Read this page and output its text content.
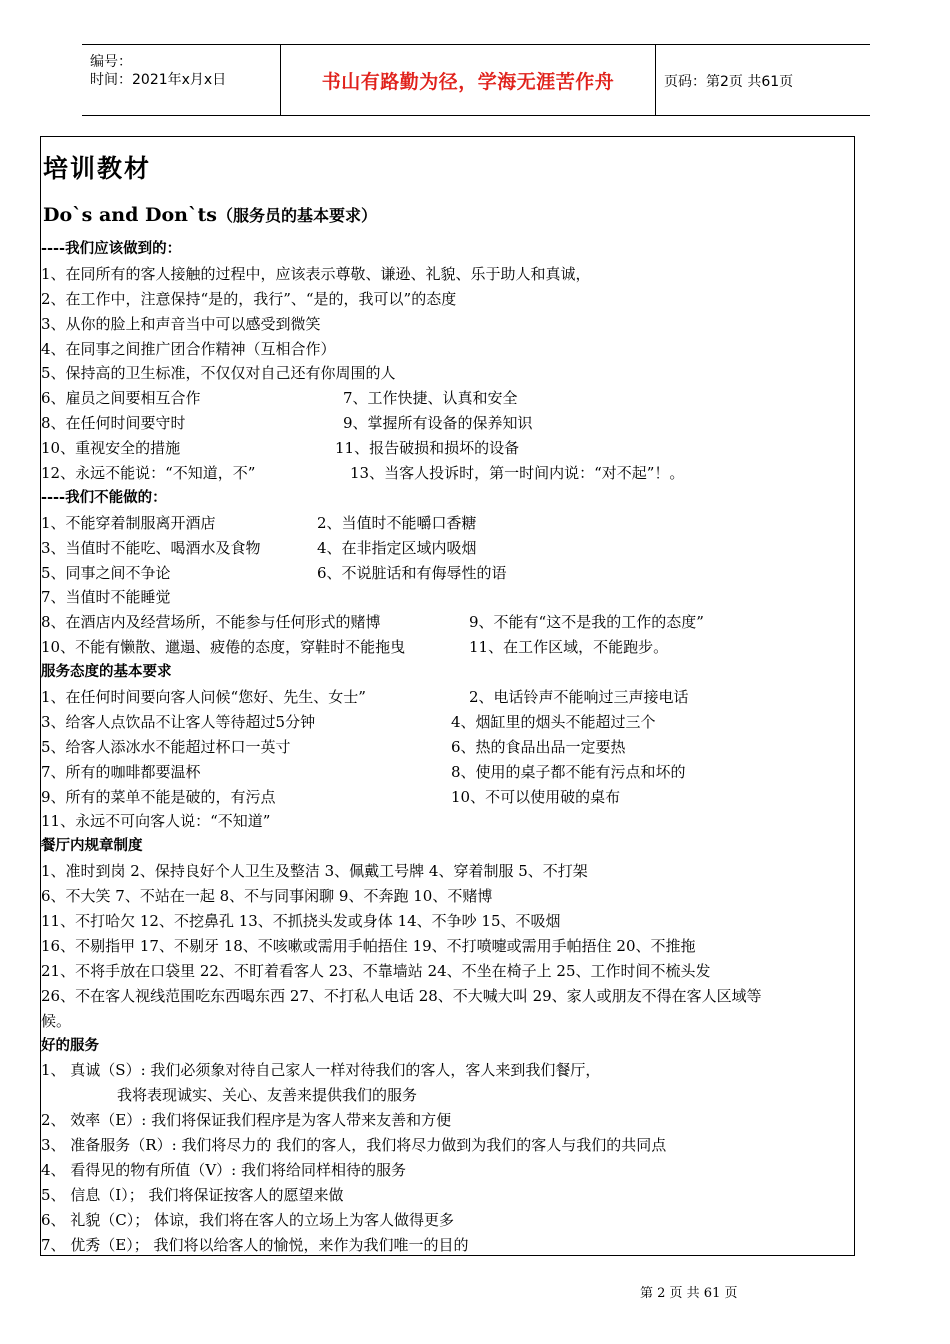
编号：
时间：2021年x月x日	书山有路勤为径，学海无涯苦作舟	页码：第2页 共61页
培训教材
Do`s and Don`ts（服务员的基本要求）
----我们应该做到的：
1、在同所有的客人接触的过程中，应该表示尊敬、谦逊、礼貌、乐于助人和真诚，
2、在工作中，注意保持“是的，我行”、“是的，我可以”的态度
3、从你的脸上和声音当中可以感受到微笑
4、在同事之间推广团合作精神（互相合作）
5、保持高的卫生标准，不仅仅对自己还有你周围的人
6、雇员之间要相互合作	7、工作快捷、认真和安全
8、在任何时间要守时	9、掌握所有设备的保养知识
10、重视安全的措施	11、报告破损和损坏的设备
12、永远不能说：“不知道，不”	13、当客人投诉时，第一时间内说：“对不起”！。
----我们不能做的：
1、不能穿着制服离开酒店	2、当值时不能嚼口香糖
3、当值时不能吃、喝酒水及食物	4、在非指定区域内吸烟
5、同事之间不争论	6、不说脏话和有侮辱性的语
7、当值时不能睡觉
8、在酒店内及经营场所，不能参与任何形式的赌博	9、不能有“这不是我的工作的态度”
10、不能有懒散、邋遢、疲倦的态度，穿鞋时不能拖曳	11、在工作区域，不能跑步。
服务态度的基本要求
1、在任何时间要向客人问候“您好、先生、女士”	2、电话铃声不能响过三声接电话
3、给客人点饮品不让客人等待超过5分钟	4、烟缸里的烟头不能超过三个
5、给客人添冰水不能超过杯口一英寸	6、热的食品出品一定要热
7、所有的咖啡都要温杯	8、使用的桌子都不能有污点和坏的
9、所有的菜单不能是破的，有污点	10、不可以使用破的桌布
11、永远不可向客人说：“不知道”
餐厅内规章制度
1、准时到岗 2、保持良好个人卫生及整洁 3、佩戴工号牌 4、穿着制服 5、不打架
6、不大笑 7、不站在一起 8、不与同事闲聊 9、不奔跑 10、不赌博
11、不打哈欠 12、不挖鼻孔 13、不抓挠头发或身体 14、不争吵 15、不吸烟
16、不剔指甲 17、不剔牙 18、不咳嗽或需用手帕捂住 19、不打喷嚏或需用手帕捂住 20、不推拖
21、不将手放在口袋里 22、不盯着看客人 23、不靠墙站 24、不坐在椅子上 25、工作时间不梳头发
26、不在客人视线范围吃东西喝东西 27、不打私人电话 28、不大喊大叫 29、家人或朋友不得在客人区域等
候。
好的服务
1、 真诚（S）: 我们必须象对待自己家人一样对待我们的客人，客人来到我们餐厅，
我将表现诚实、关心、友善来提供我们的服务
2、 效率（E）: 我们将保证我们程序是为客人带来友善和方便
3、 准备服务（R）: 我们将尽力的 我们的客人，我们将尽力做到为我们的客人与我们的共同点
4、 看得见的物有所值（V）: 我们将给同样相待的服务
5、 信息（I）； 我们将保证按客人的愿望来做
6、 礼貌（C）； 体谅，我们将在客人的立场上为客人做得更多
7、 优秀（E）； 我们将以给客人的愉悦，来作为我们唯一的目的
第 2 页 共 61 页
